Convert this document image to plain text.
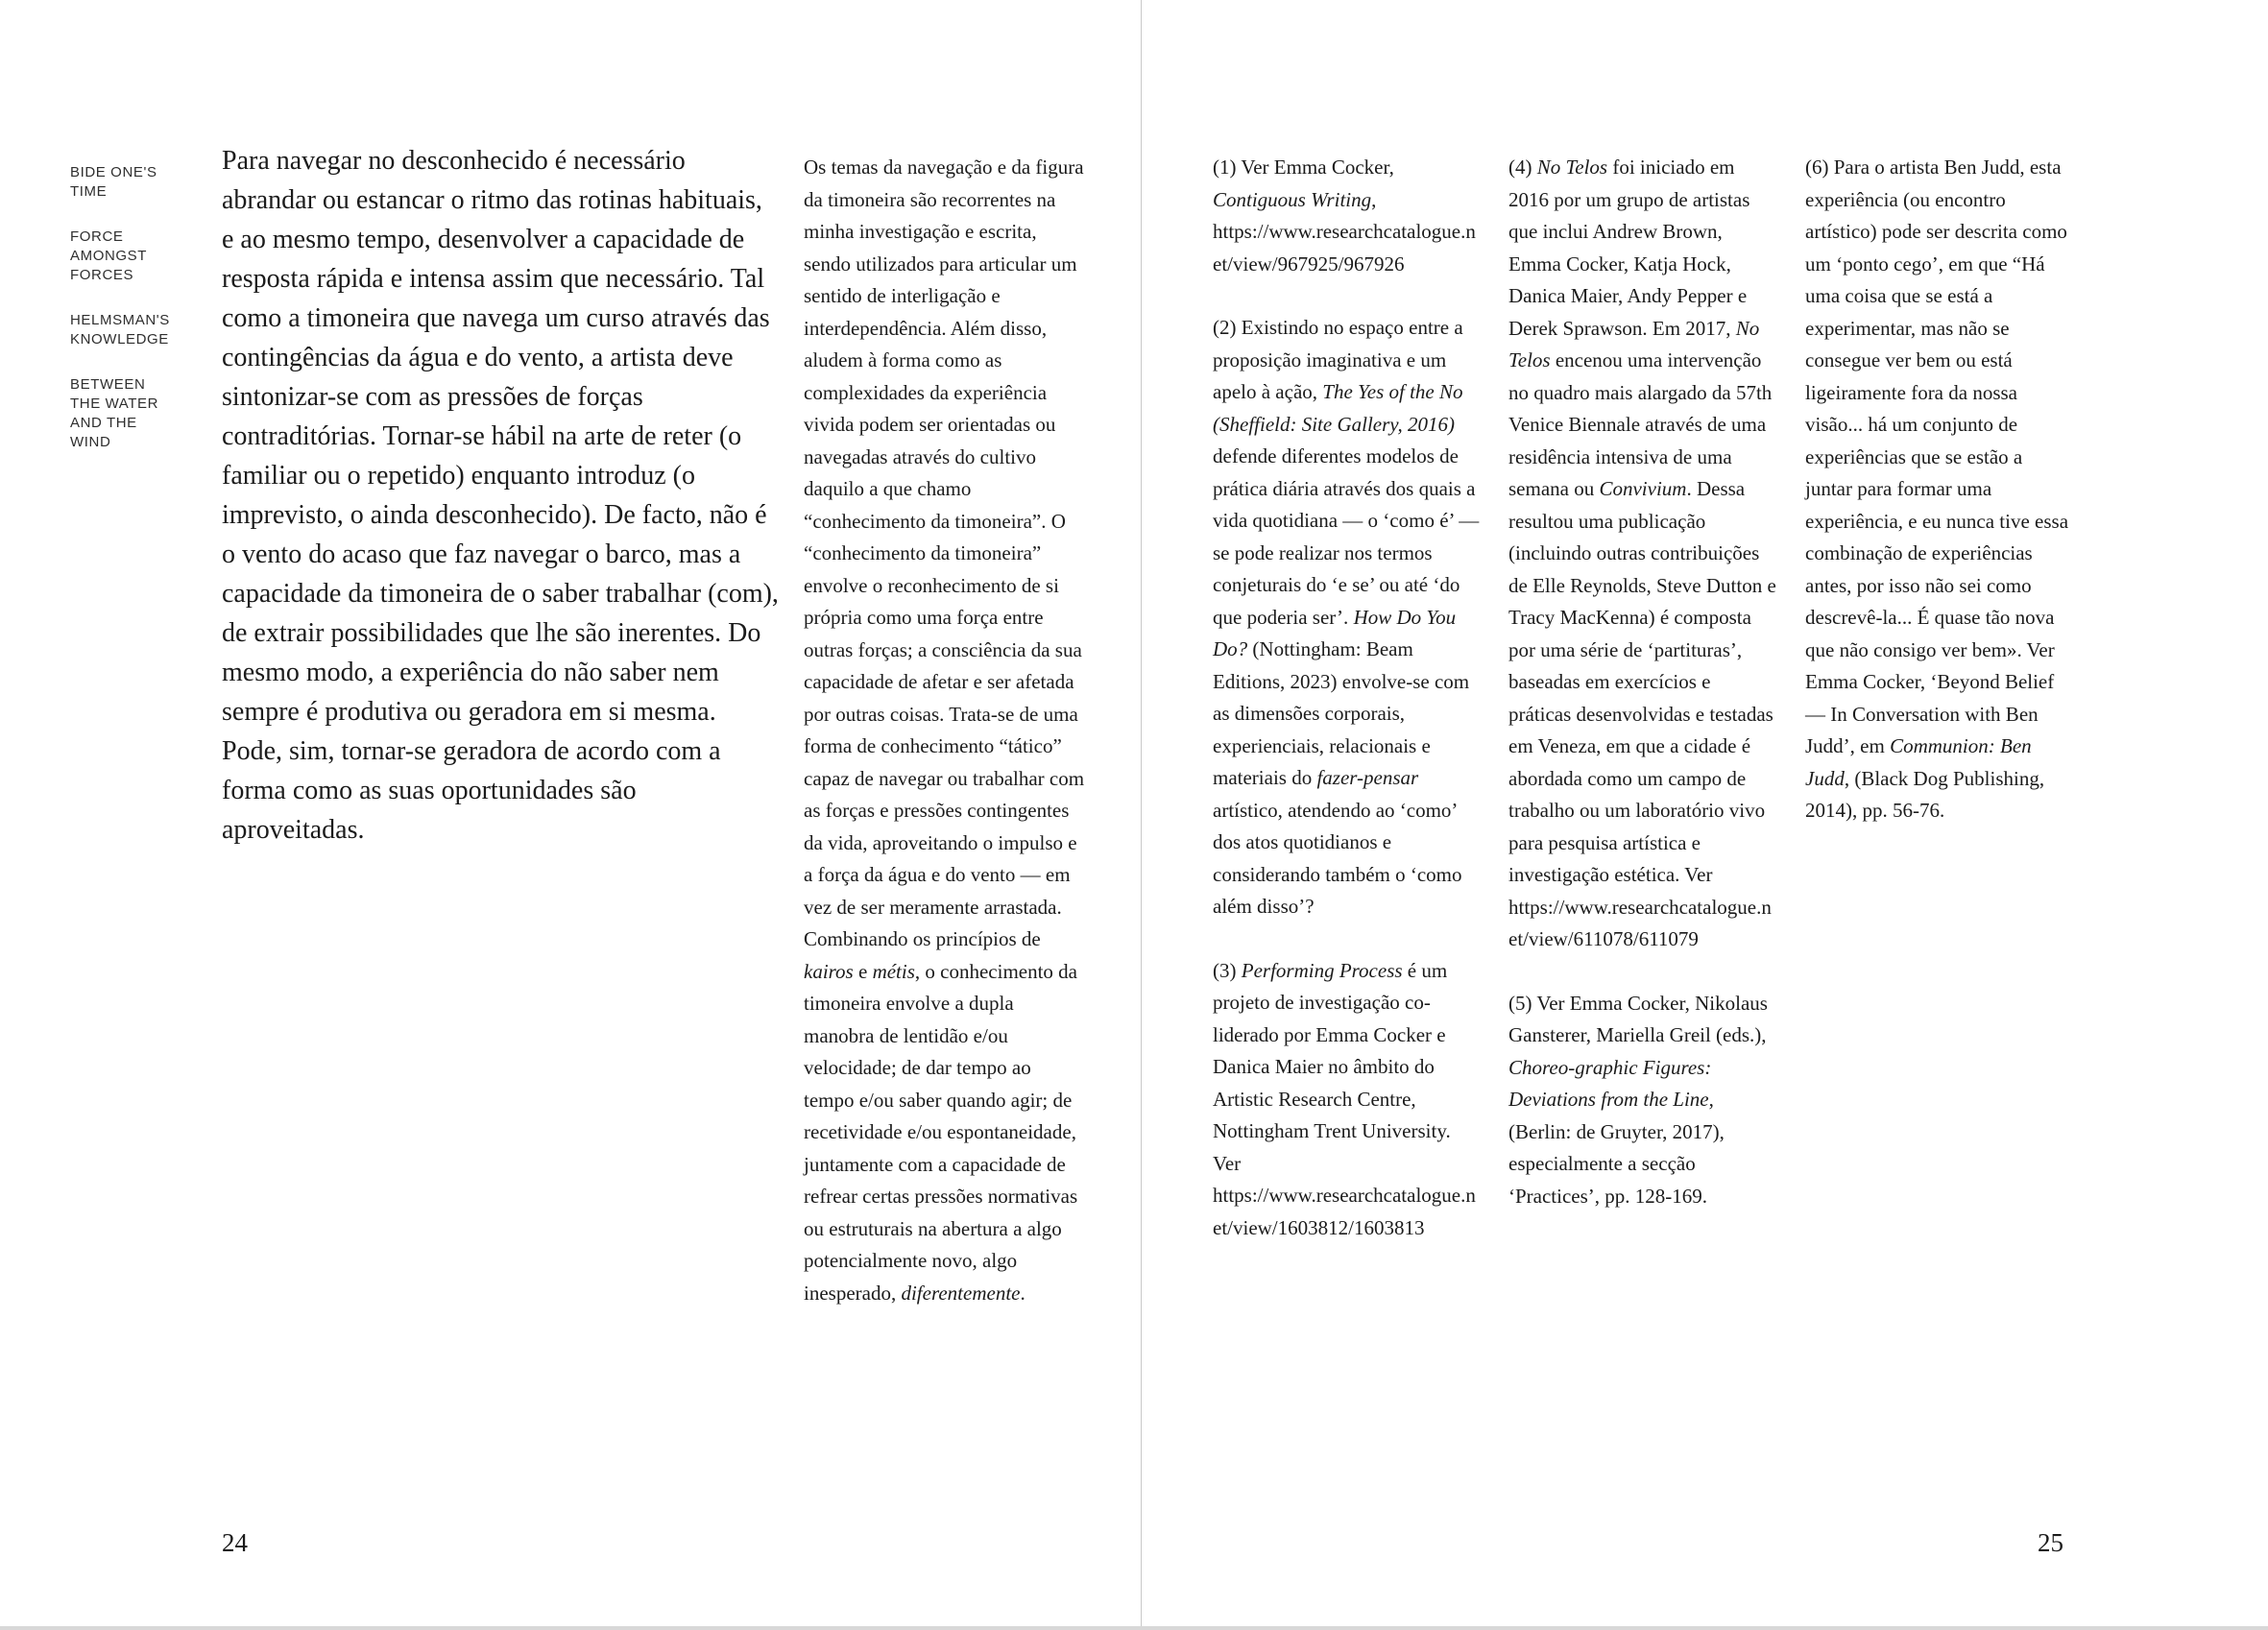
BIDE ONE'S TIME
FORCE AMONGST FORCES
HELMSMAN'S KNOWLEDGE
BETWEEN THE WATER AND THE WIND
Para navegar no desconhecido é necessário abrandar ou estancar o ritmo das rotinas habituais, e ao mesmo tempo, desenvolver a capacidade de resposta rápida e intensa assim que necessário. Tal como a timoneira que navega um curso através das contingências da água e do vento, a artista deve sintonizar-se com as pressões de forças contraditórias. Tornar-se hábil na arte de reter (o familiar ou o repetido) enquanto introduz (o imprevisto, o ainda desconhecido). De facto, não é o vento do acaso que faz navegar o barco, mas a capacidade da timoneira de o saber trabalhar (com), de extrair possibilidades que lhe são inerentes. Do mesmo modo, a experiência do não saber nem sempre é produtiva ou geradora em si mesma. Pode, sim, tornar-se geradora de acordo com a forma como as suas oportunidades são aproveitadas.
Os temas da navegação e da figura da timoneira são recorrentes na minha investigação e escrita, sendo utilizados para articular um sentido de interligação e interdependência. Além disso, aludem à forma como as complexidades da experiência vivida podem ser orientadas ou navegadas através do cultivo daquilo a que chamo “conhecimento da timoneira”. O “conhecimento da timoneira” envolve o reconhecimento de si própria como uma força entre outras forças; a consciência da sua capacidade de afetar e ser afetada por outras coisas. Trata-se de uma forma de conhecimento “tático” capaz de navegar ou trabalhar com as forças e pressões contingentes da vida, aproveitando o impulso e a força da água e do vento — em vez de ser meramente arrastada. Combinando os princípios de kairos e métis, o conhecimento da timoneira envolve a dupla manobra de lentidão e/ou velocidade; de dar tempo ao tempo e/ou saber quando agir; de recetividade e/ou espontaneidade, juntamente com a capacidade de refrear certas pressões normativas ou estruturais na abertura a algo potencialmente novo, algo inesperado, diferentemente.
24

(1) Ver Emma Cocker, Contiguous Writing, https://www.researchcatalogue.net/view/967925/967926

(2) Existindo no espaço entre a proposição imaginativa e um apelo à ação, The Yes of the No (Sheffield: Site Gallery, 2016) defende diferentes modelos de prática diária através dos quais a vida quotidiana — o ‘como é’ — se pode realizar nos termos conjeturais do ‘e se’ ou até ‘do que poderia ser’. How Do You Do? (Nottingham: Beam Editions, 2023) envolve-se com as dimensões corporais, experienciais, relacionais e materiais do fazer-pensar artístico, atendendo ao ‘como’ dos atos quotidianos e considerando também o ‘como além disso’?

(3) Performing Process é um projeto de investigação co-liderado por Emma Cocker e Danica Maier no âmbito do Artistic Research Centre, Nottingham Trent University. Ver https://www.researchcatalogue.net/view/1603812/1603813

(4) No Telos foi iniciado em 2016 por um grupo de artistas que inclui Andrew Brown, Emma Cocker, Katja Hock, Danica Maier, Andy Pepper e Derek Sprawson. Em 2017, No Telos encenou uma intervenção no quadro mais alargado da 57th Venice Biennale através de uma residência intensiva de uma semana ou Convivium. Dessa resultou uma publicação (incluindo outras contribuições de Elle Reynolds, Steve Dutton e Tracy MacKenna) é composta por uma série de ‘partituras’, baseadas em exercícios e práticas desenvolvidas e testadas em Veneza, em que a cidade é abordada como um campo de trabalho ou um laboratório vivo para pesquisa artística e investigação estética. Ver https://www.researchcatalogue.net/view/611078/611079

(5) Ver Emma Cocker, Nikolaus Gansterer, Mariella Greil (eds.), Choreo-graphic Figures: Deviations from the Line, (Berlin: de Gruyter, 2017), especialmente a secção ‘Practices’, pp. 128-169.

(6) Para o artista Ben Judd, esta experiência (ou encontro artístico) pode ser descrita como um ‘ponto cego’, em que “Há uma coisa que se está a experimentar, mas não se consegue ver bem ou está ligeiramente fora da nossa visão... há um conjunto de experiências que se estão a juntar para formar uma experiência, e eu nunca tive essa combinação de experiências antes, por isso não sei como descrevê-la... É quase tão nova que não consigo ver bem». Ver Emma Cocker, ‘Beyond Belief — In Conversation with Ben Judd’, em Communion: Ben Judd, (Black Dog Publishing, 2014), pp. 56-76.

25
